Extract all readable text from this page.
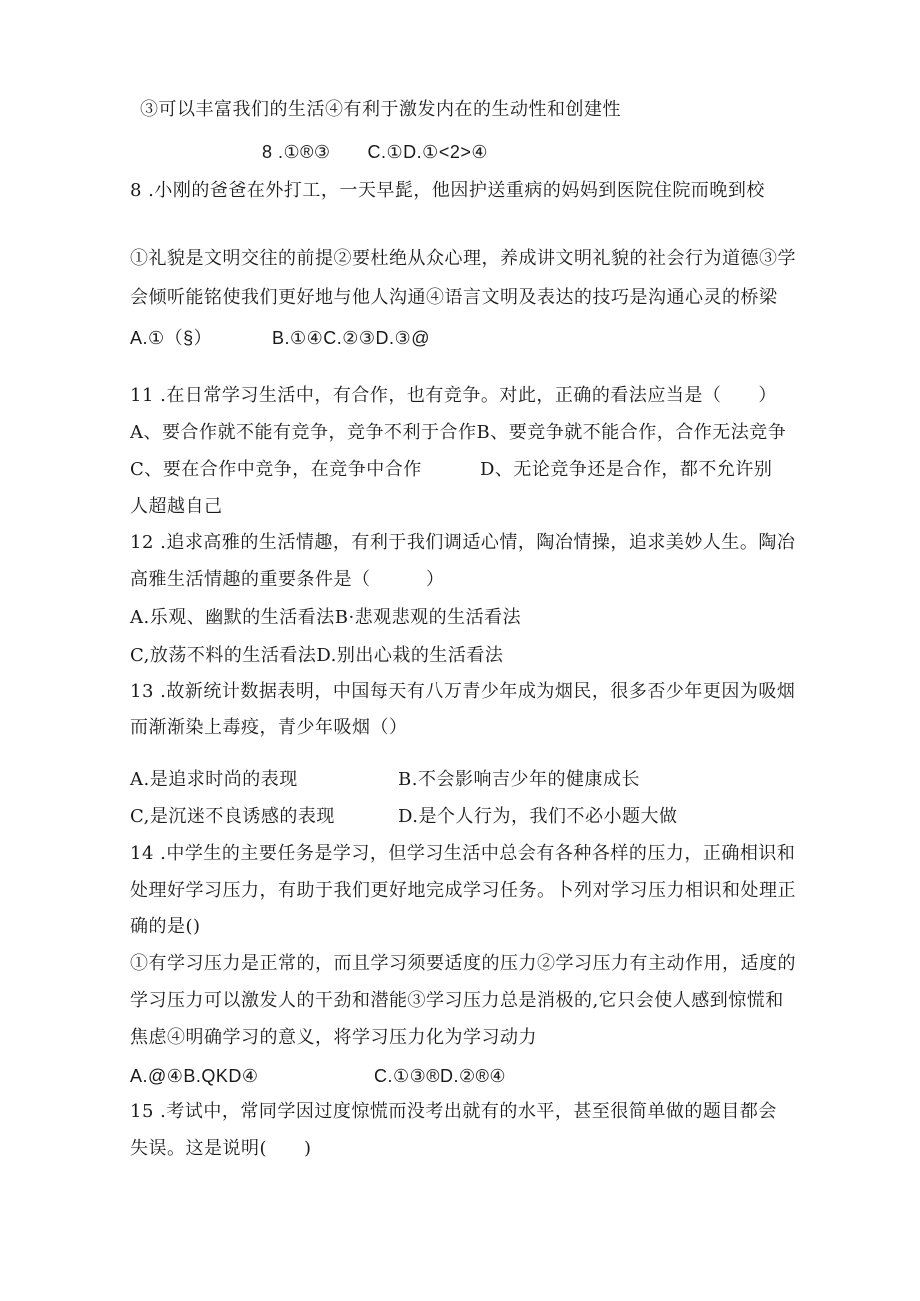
③可以丰富我们的生活④有利于激发内在的生动性和创建性
8 .①®③　　C.①D.①<2>④
8 .小刚的爸爸在外打工，一天早髭，他因护送重病的妈妈到医院住院而晚到校
①礼貌是文明交往的前提②要杜绝从众心理，养成讲文明礼貌的社会行为道德③学
会倾听能铭使我们更好地与他人沟通④语言文明及表达的技巧是沟通心灵的桥梁
A.①（§）	B.①④C.②③D.③@
11 .在日常学习生活中，有合作，也有竞争。对此，正确的看法应当是（　　）
A、要合作就不能有竞争，竞争不利于合作B、要竞争就不能合作，合作无法竞争
C、要在合作中竞争，在竞争中合作	D、无论竞争还是合作，都不允许别
人超越自己
12 .追求高雅的生活情趣，有利于我们调适心情，陶冶情操，追求美妙人生。陶冶
高雅生活情趣的重要条件是（　　　）
A.乐观、幽默的生活看法B·悲观悲观的生活看法
C,放荡不料的生活看法D.别出心栽的生活看法
13 .故新统计数据表明，中国每天有八万青少年成为烟民，很多否少年更因为吸烟
而渐渐染上毒疫，青少年吸烟（）
A.是追求时尚的表现	B.不会影响吉少年的健康成长
C,是沉迷不良诱感的表现	D.是个人行为，我们不必小题大做
14 .中学生的主要任务是学习，但学习生活中总会有各种各样的压力，正确相识和
处理好学习压力，有助于我们更好地完成学习任务。卜列对学习压力相识和处理正
确的是()
①有学习压力是正常的，而且学习须要适度的压力②学习压力有主动作用，适度的
学习压力可以激发人的干劲和潜能③学习压力总是消极的,它只会使人感到惊慌和
焦虑④明确学习的意义，将学习压力化为学习动力
A.@④B.QKD④	C.①③®D.②®④
15 .考试中，常同学因过度惊慌而没考出就有的水平，甚至很简单做的题目都会
失误。这是说明(　　)
